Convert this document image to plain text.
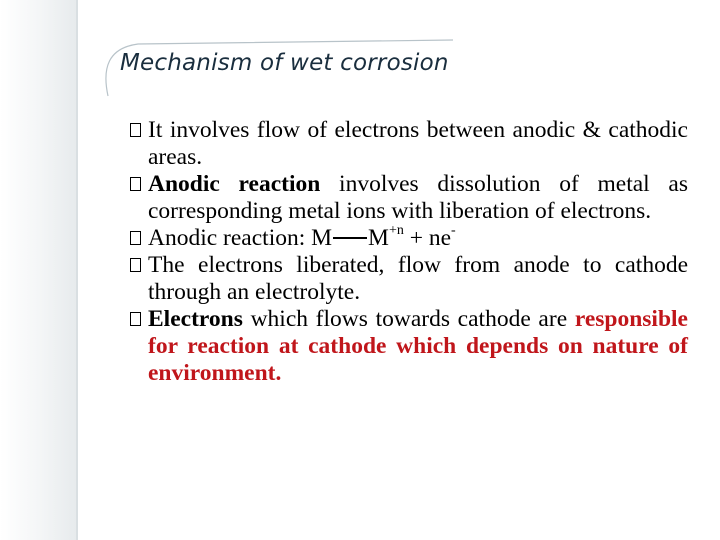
Mechanism of wet corrosion
It involves flow of electrons between anodic & cathodic areas.
Anodic reaction involves dissolution of metal as corresponding metal ions with liberation of electrons.
Anodic reaction: M $M^{+n} + ne^-$
The electrons liberated, flow from anode to cathode through an electrolyte.
Electrons which flows towards cathode are responsible for reaction at cathode which depends on nature of environment.
